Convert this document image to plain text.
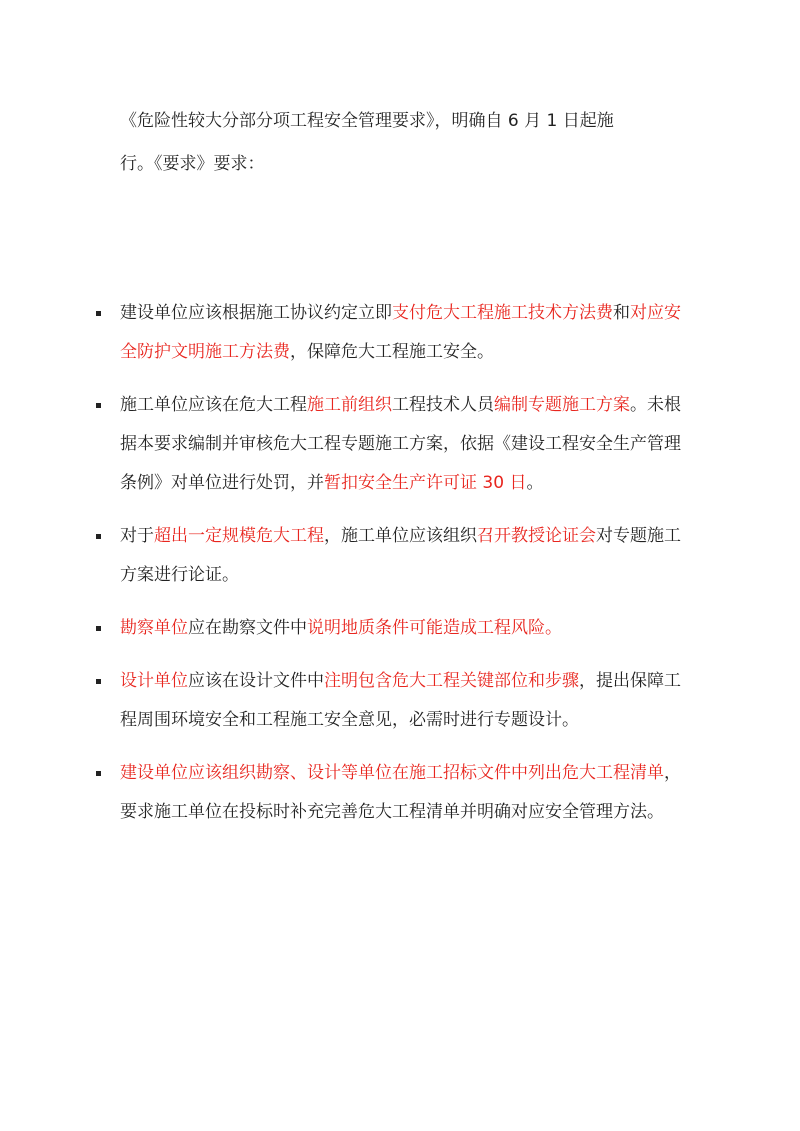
《危险性较大分部分项工程安全管理要求》，明确自 6 月 1 日起施
行。《要求》要求：
建设单位应该根据施工协议约定立即支付危大工程施工技术方法费和对应安全防护文明施工方法费，保障危大工程施工安全。
施工单位应该在危大工程施工前组织工程技术人员编制专题施工方案。未根据本要求编制并审核危大工程专题施工方案，依据《建设工程安全生产管理条例》对单位进行处罚，并暂扣安全生产许可证 30 日。
对于超出一定规模危大工程，施工单位应该组织召开教授论证会对专题施工方案进行论证。
勘察单位应在勘察文件中说明地质条件可能造成工程风险。
设计单位应该在设计文件中注明包含危大工程关键部位和步骤，提出保障工程周围环境安全和工程施工安全意见，必需时进行专题设计。
建设单位应该组织勘察、设计等单位在施工招标文件中列出危大工程清单，要求施工单位在投标时补充完善危大工程清单并明确对应安全管理方法。
